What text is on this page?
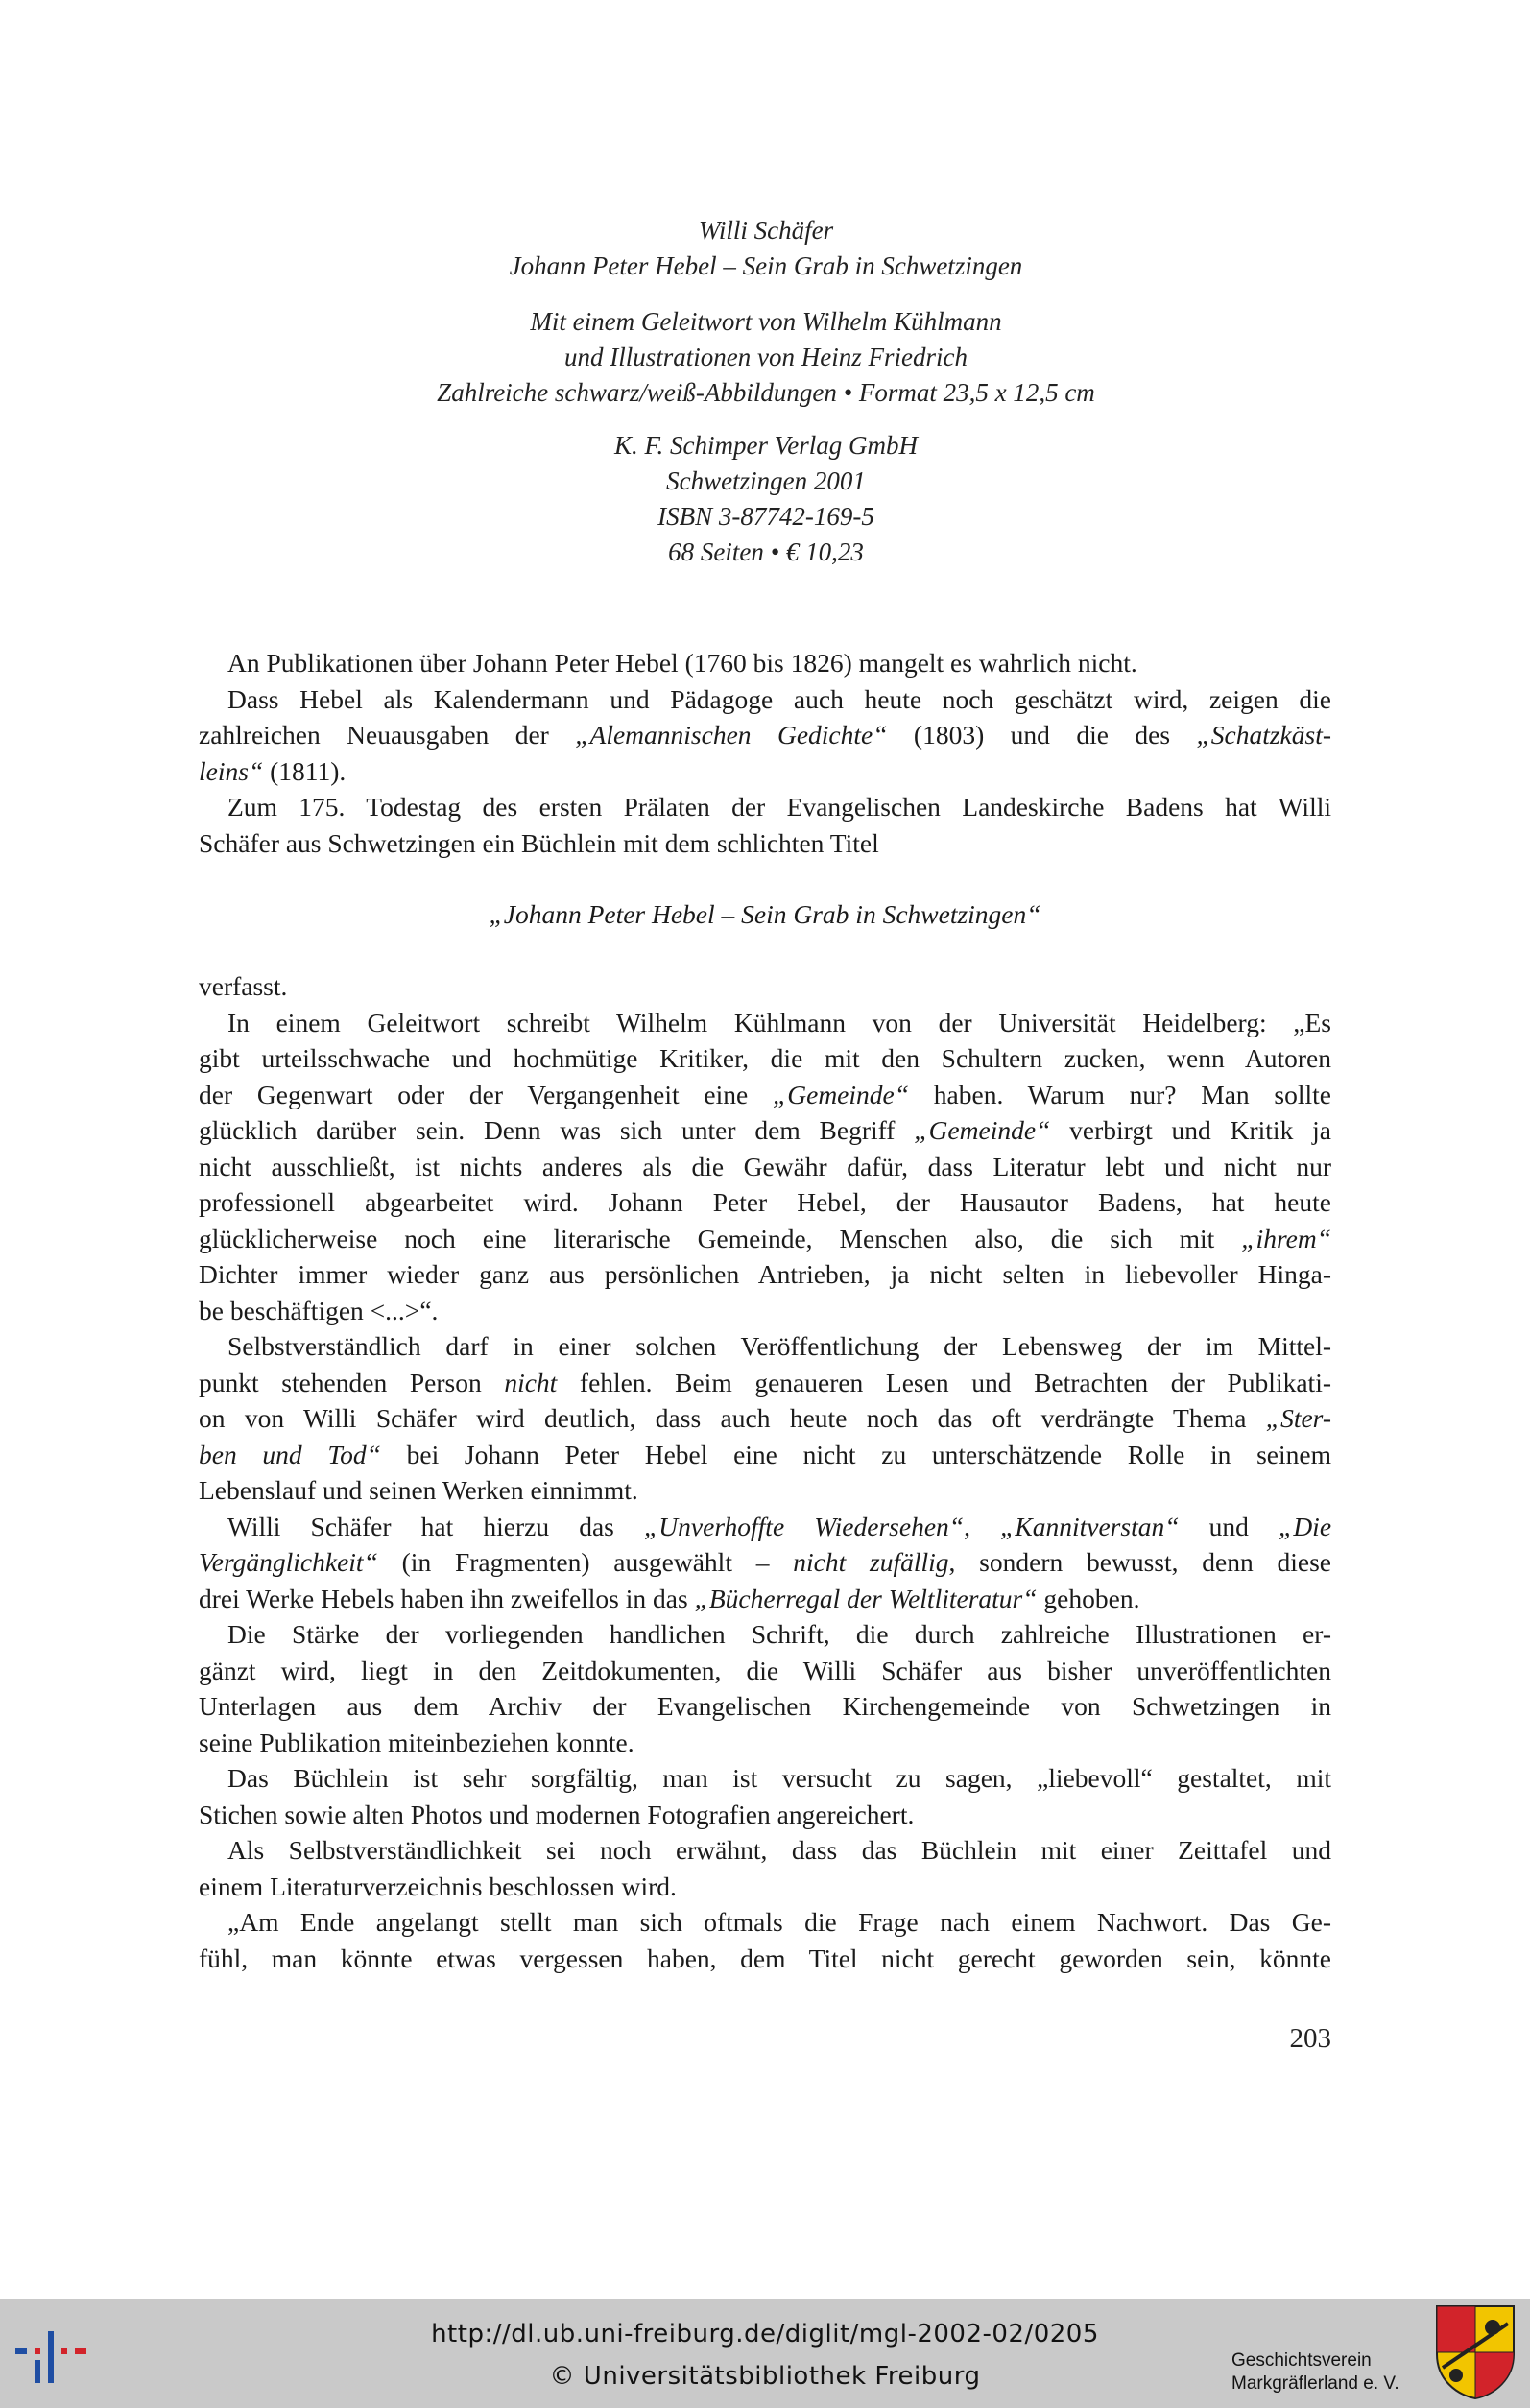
Willi Schäfer
Johann Peter Hebel – Sein Grab in Schwetzingen
Mit einem Geleitwort von Wilhelm Kühlmann
und Illustrationen von Heinz Friedrich
Zahlreiche schwarz/weiß-Abbildungen • Format 23,5 x 12,5 cm
K. F. Schimper Verlag GmbH
Schwetzingen 2001
ISBN 3-87742-169-5
68 Seiten • € 10,23
An Publikationen über Johann Peter Hebel (1760 bis 1826) mangelt es wahrlich nicht.
Dass Hebel als Kalendermann und Pädagoge auch heute noch geschätzt wird, zeigen die
zahlreichen Neuausgaben der „Alemannischen Gedichte“ (1803) und die des „Schatzkäst-
leins“ (1811).
Zum 175. Todestag des ersten Prälaten der Evangelischen Landeskirche Badens hat Willi
Schäfer aus Schwetzingen ein Büchlein mit dem schlichten Titel
„Johann Peter Hebel – Sein Grab in Schwetzingen“
verfasst.
In einem Geleitwort schreibt Wilhelm Kühlmann von der Universität Heidelberg: „Es
gibt urteilsschwache und hochmütige Kritiker, die mit den Schultern zucken, wenn Autoren
der Gegenwart oder der Vergangenheit eine „Gemeinde“ haben. Warum nur? Man sollte
glücklich darüber sein. Denn was sich unter dem Begriff „Gemeinde“ verbirgt und Kritik ja
nicht ausschließt, ist nichts anderes als die Gewähr dafür, dass Literatur lebt und nicht nur
professionell abgearbeitet wird. Johann Peter Hebel, der Hausautor Badens, hat heute
glücklicherweise noch eine literarische Gemeinde, Menschen also, die sich mit „ihrem“
Dichter immer wieder ganz aus persönlichen Antrieben, ja nicht selten in liebevoller Hinga-
be beschäftigen <...>“.
Selbstverständlich darf in einer solchen Veröffentlichung der Lebensweg der im Mittel-
punkt stehenden Person nicht fehlen. Beim genaueren Lesen und Betrachten der Publikati-
on von Willi Schäfer wird deutlich, dass auch heute noch das oft verdrängte Thema „Ster-
ben und Tod“ bei Johann Peter Hebel eine nicht zu unterschätzende Rolle in seinem
Lebenslauf und seinen Werken einnimmt.
Willi Schäfer hat hierzu das „Unverhoffte Wiedersehen“, „Kannitverstan“ und „Die
Vergänglichkeit“ (in Fragmenten) ausgewählt – nicht zufällig, sondern bewusst, denn diese
drei Werke Hebels haben ihn zweifellos in das „Bücherregal der Weltliteratur“ gehoben.
Die Stärke der vorliegenden handlichen Schrift, die durch zahlreiche Illustrationen er-
gänzt wird, liegt in den Zeitdokumenten, die Willi Schäfer aus bisher unveröffentlichten
Unterlagen aus dem Archiv der Evangelischen Kirchengemeinde von Schwetzingen in
seine Publikation miteinbeziehen konnte.
Das Büchlein ist sehr sorgfältig, man ist versucht zu sagen, „liebevoll“ gestaltet, mit
Stichen sowie alten Photos und modernen Fotografien angereichert.
Als Selbstverständlichkeit sei noch erwähnt, dass das Büchlein mit einer Zeittafel und
einem Literaturverzeichnis beschlossen wird.
„Am Ende angelangt stellt man sich oftmals die Frage nach einem Nachwort. Das Ge-
fühl, man könnte etwas vergessen haben, dem Titel nicht gerecht geworden sein, könnte
203
http://dl.ub.uni-freiburg.de/diglit/mgl-2002-02/0205
© Universitätsbibliothek Freiburg
Geschichtsverein
Markgräflerland e. V.
